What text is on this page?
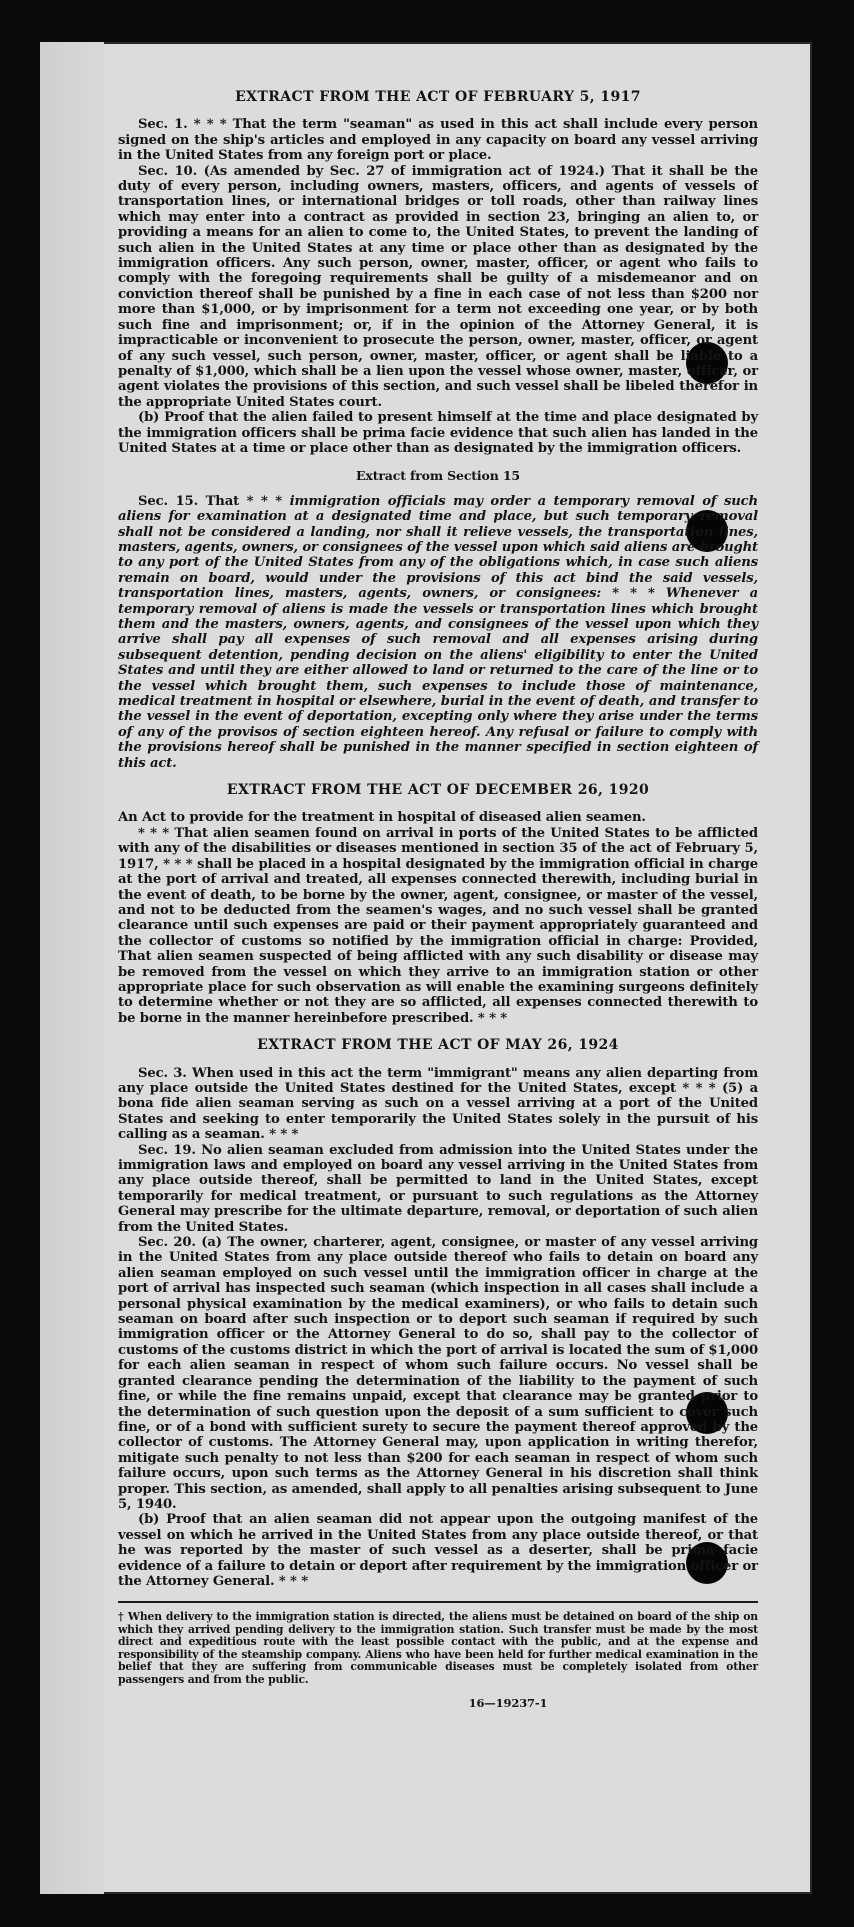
EXTRACT FROM THE ACT OF FEBRUARY 5, 1917

Sec. 1. * * * That the term "seaman" as used in this act shall include every person signed on the ship's articles and employed in any capacity on board any vessel arriving in the United States from any foreign port or place.

Sec. 10. (As amended by Sec. 27 of immigration act of 1924.) That it shall be the duty of every person, including owners, masters, officers, and agents of vessels of transportation lines, or international bridges or toll roads, other than railway lines which may enter into a contract as provided in section 23, bringing an alien to, or providing a means for an alien to come to, the United States, to prevent the landing of such alien in the United States at any time or place other than as designated by the immigration officers. Any such person, owner, master, officer, or agent who fails to comply with the foregoing requirements shall be guilty of a misdemeanor and on conviction thereof shall be punished by a fine in each case of not less than $200 nor more than $1,000, or by imprisonment for a term not exceeding one year, or by both such fine and imprisonment; or, if in the opinion of the Attorney General, it is impracticable or inconvenient to prosecute the person, owner, master, officer, or agent of any such vessel, such person, owner, master, officer, or agent shall be liable to a penalty of $1,000, which shall be a lien upon the vessel whose owner, master, officer, or agent violates the provisions of this section, and such vessel shall be libeled therefor in the appropriate United States court.

(b) Proof that the alien failed to present himself at the time and place designated by the immigration officers shall be prima facie evidence that such alien has landed in the United States at a time or place other than as designated by the immigration officers.

Extract from Section 15

Sec. 15. That * * * immigration officials may order a temporary removal of such aliens for examination at a designated time and place, but such temporary removal shall not be considered a landing, nor shall it relieve vessels, the transportation lines, masters, agents, owners, or consignees of the vessel upon which said aliens are brought to any port of the United States from any of the obligations which, in case such aliens remain on board, would under the provisions of this act bind the said vessels, transportation lines, masters, agents, owners, or consignees: * * * Whenever a temporary removal of aliens is made the vessels or transportation lines which brought them and the masters, owners, agents, and consignees of the vessel upon which they arrive shall pay all expenses of such removal and all expenses arising during subsequent detention, pending decision on the aliens' eligibility to enter the United States and until they are either allowed to land or returned to the care of the line or to the vessel which brought them, such expenses to include those of maintenance, medical treatment in hospital or elsewhere, burial in the event of death, and transfer to the vessel in the event of deportation, excepting only where they arise under the terms of any of the provisos of section eighteen hereof. Any refusal or failure to comply with the provisions hereof shall be punished in the manner specified in section eighteen of this act.

EXTRACT FROM THE ACT OF DECEMBER 26, 1920

An Act to provide for the treatment in hospital of diseased alien seamen.

* * * That alien seamen found on arrival in ports of the United States to be afflicted with any of the disabilities or diseases mentioned in section 35 of the act of February 5, 1917, * * * shall be placed in a hospital designated by the immigration official in charge at the port of arrival and treated, all expenses connected therewith, including burial in the event of death, to be borne by the owner, agent, consignee, or master of the vessel, and not to be deducted from the seamen's wages, and no such vessel shall be granted clearance until such expenses are paid or their payment appropriately guaranteed and the collector of customs so notified by the immigration official in charge: Provided, That alien seamen suspected of being afflicted with any such disability or disease may be removed from the vessel on which they arrive to an immigration station or other appropriate place for such observation as will enable the examining surgeons definitely to determine whether or not they are so afflicted, all expenses connected therewith to be borne in the manner hereinbefore prescribed. * * *

EXTRACT FROM THE ACT OF MAY 26, 1924

Sec. 3. When used in this act the term "immigrant" means any alien departing from any place outside the United States destined for the United States, except * * * (5) a bona fide alien seaman serving as such on a vessel arriving at a port of the United States and seeking to enter temporarily the United States solely in the pursuit of his calling as a seaman. * * *

Sec. 19. No alien seaman excluded from admission into the United States under the immigration laws and employed on board any vessel arriving in the United States from any place outside thereof, shall be permitted to land in the United States, except temporarily for medical treatment, or pursuant to such regulations as the Attorney General may prescribe for the ultimate departure, removal, or deportation of such alien from the United States.

Sec. 20. (a) The owner, charterer, agent, consignee, or master of any vessel arriving in the United States from any place outside thereof who fails to detain on board any alien seaman employed on such vessel until the immigration officer in charge at the port of arrival has inspected such seaman (which inspection in all cases shall include a personal physical examination by the medical examiners), or who fails to detain such seaman on board after such inspection or to deport such seaman if required by such immigration officer or the Attorney General to do so, shall pay to the collector of customs of the customs district in which the port of arrival is located the sum of $1,000 for each alien seaman in respect of whom such failure occurs. No vessel shall be granted clearance pending the determination of the liability to the payment of such fine, or while the fine remains unpaid, except that clearance may be granted prior to the determination of such question upon the deposit of a sum sufficient to cover such fine, or of a bond with sufficient surety to secure the payment thereof approved by the collector of customs. The Attorney General may, upon application in writing therefor, mitigate such penalty to not less than $200 for each seaman in respect of whom such failure occurs, upon such terms as the Attorney General in his discretion shall think proper. This section, as amended, shall apply to all penalties arising subsequent to June 5, 1940.

(b) Proof that an alien seaman did not appear upon the outgoing manifest of the vessel on which he arrived in the United States from any place outside thereof, or that he was reported by the master of such vessel as a deserter, shall be prima facie evidence of a failure to detain or deport after requirement by the immigration officer or the Attorney General. * * *

† When delivery to the immigration station is directed, the aliens must be detained on board of the ship on which they arrived pending delivery to the immigration station. Such transfer must be made by the most direct and expeditious route with the least possible contact with the public, and at the expense and responsibility of the steamship company. Aliens who have been held for further medical examination in the belief that they are suffering from communicable diseases must be completely isolated from other passengers and from the public.
16—19237-1
